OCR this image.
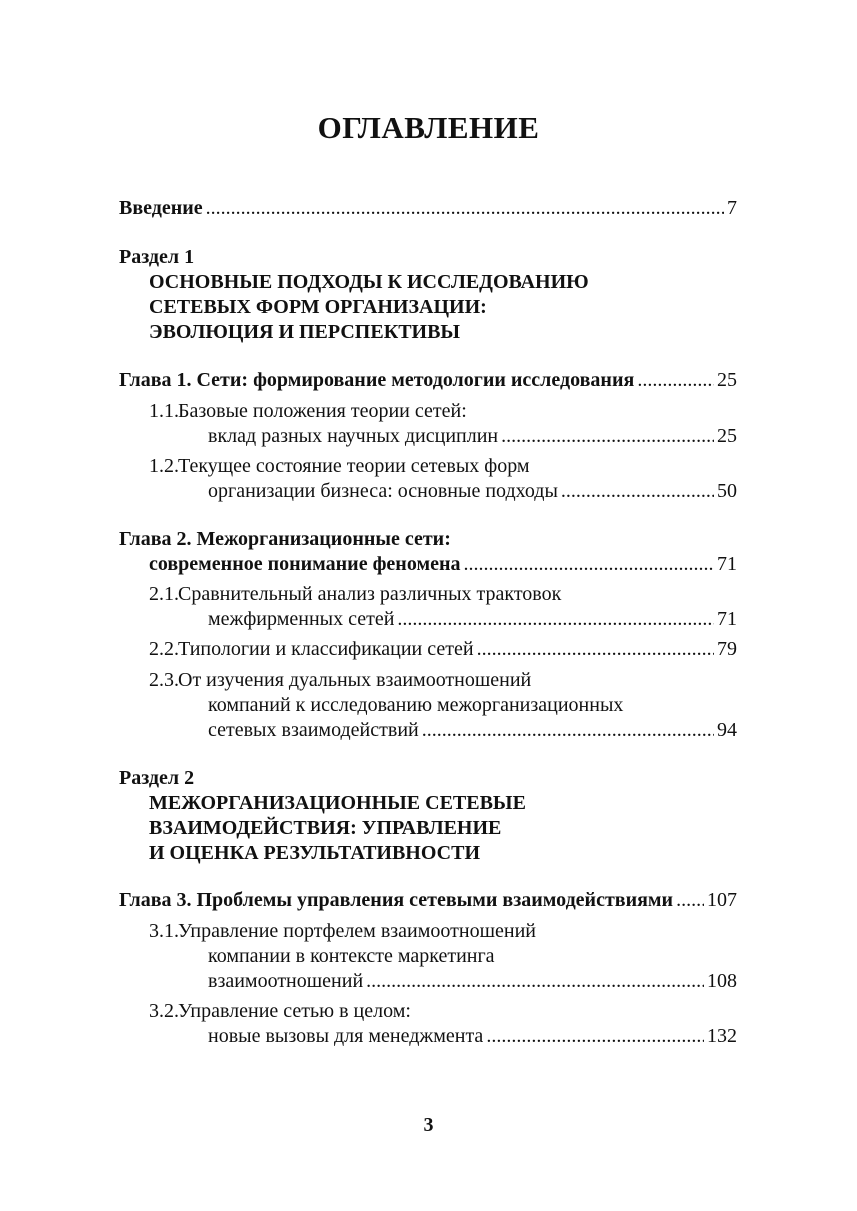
ОГЛАВЛЕНИЕ
Введение .....	7
Раздел 1
ОСНОВНЫЕ ПОДХОДЫ К ИССЛЕДОВАНИЮ
СЕТЕВЫХ ФОРМ ОРГАНИЗАЦИИ:
ЭВОЛЮЦИЯ И ПЕРСПЕКТИВЫ
Глава 1. Сети: формирование методологии исследования .....	25
1.1. Базовые положения теории сетей:
вклад разных научных дисциплин .....	25
1.2. Текущее состояние теории сетевых форм
организации бизнеса: основные подходы .....	50
Глава 2. Межорганизационные сети:
современное понимание феномена .....	71
2.1. Сравнительный анализ различных трактовок
межфирменных сетей .....	71
2.2. Типологии и классификации сетей .....	79
2.3. От изучения дуальных взаимоотношений
компаний к исследованию межорганизационных
сетевых взаимодействий .....	94
Раздел 2
МЕЖОРГАНИЗАЦИОННЫЕ СЕТЕВЫЕ
ВЗАИМОДЕЙСТВИЯ: УПРАВЛЕНИЕ
И ОЦЕНКА РЕЗУЛЬТАТИВНОСТИ
Глава 3. Проблемы управления сетевыми взаимодействиями ..... 107
3.1. Управление портфелем взаимоотношений
компании в контексте маркетинга
взаимоотношений .....	108
3.2. Управление сетью в целом:
новые вызовы для менеджмента .....	132
3
